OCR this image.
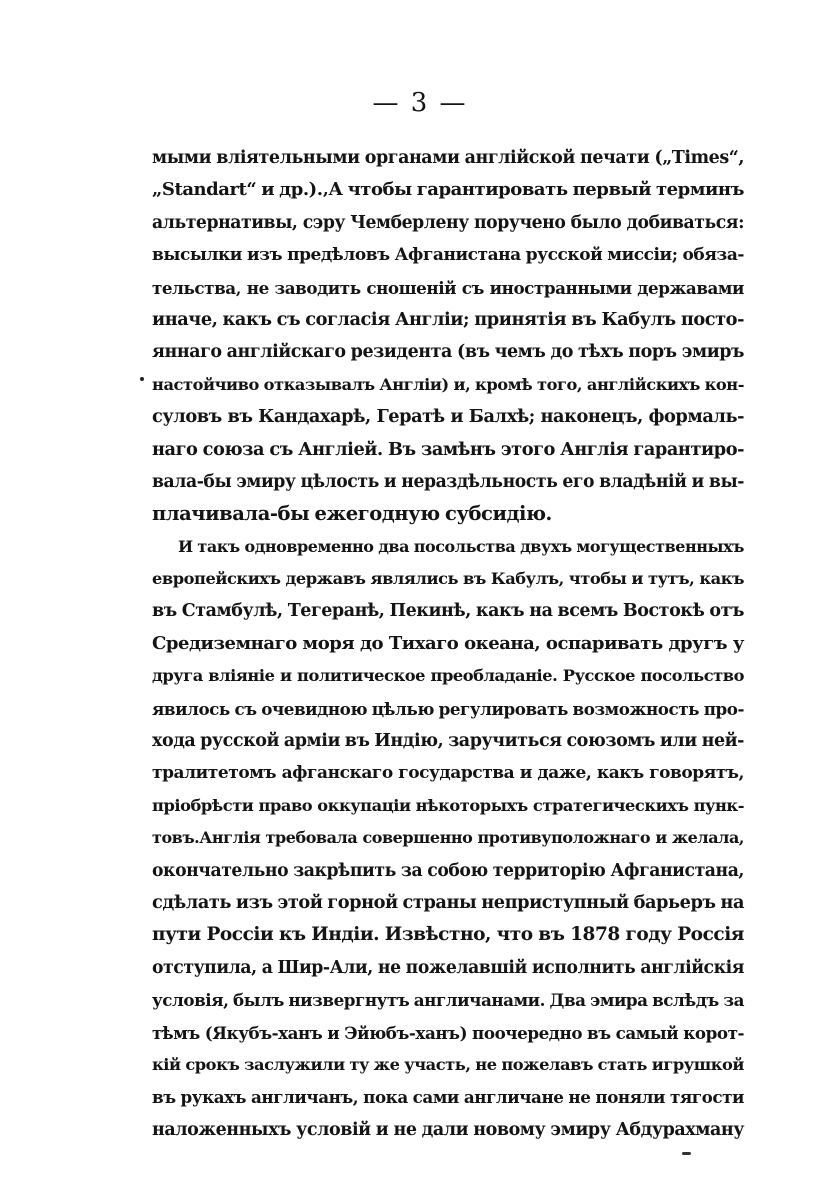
— 3 —
мыми вліятельными органами англійской печати („Times“,
„Standart“ и др.).‚А чтобы гарантировать первый терминъ
альтернативы, сэру Чемберлену поручено было добиваться:
высылки изъ предѣловъ Афганистана русской миссіи; обяза-
тельства‚ не заводить сношеній съ иностранными державами
иначе, какъ съ согласія Англіи; принятія въ Кабулъ посто-
яннаго англійскаго резидента (въ чемъ до тѣхъ поръ эмиръ
настойчиво отказывалъ Англіи) и, кромѣ того, англійскихъ кон-
суловъ въ Кандахарѣ, Гератѣ и Балхѣ; наконецъ, формаль-
наго союза съ Англіей. Въ замѣнъ этого Англія гарантиро-
вала-бы эмиру цѣлость и нераздѣльность его владѣній и вы-
плачивала-бы ежегодную субсидію.
И такъ одновременно два посольства двухъ могущественныхъ
европейскихъ державъ являлись въ Кабулъ, чтобы и тутъ, какъ
въ Стамбулѣ, Тегеранѣ, Пекинѣ, какъ на всемъ Востокѣ отъ
Средиземнаго моря до Тихаго океана, оспаривать другъ у
друга вліяніе и политическое преобладаніе. Русское посольство
явилось съ очевидною цѣлью регулировать возможность про-
хода русской арміи въ Индію, заручиться союзомъ или ней-
тралитетомъ афганскаго государства и даже, какъ говорятъ,
пріобрѣсти право оккупаціи нѣкоторыхъ стратегическихъ пунк-
товъ.Англія требовала совершенно противуположнаго и желала,
окончательно закрѣпить за собою территорію Афганистана,
сдѣлать изъ этой горной страны неприступный барьеръ на
пути Россіи къ Индіи. Извѣстно, что въ 1878 году Россія
отступила, а Шир-Али, не пожелавшій исполнить англійскія
условія, былъ низвергнутъ англичанами. Два эмира вслѣдъ за
тѣмъ (Якубъ-ханъ и Эйюбъ-ханъ) поочередно въ самый корот-
кій срокъ заслужили ту же участь, не пожелавъ стать игрушкой
въ рукахъ англичанъ, пока сами англичане не поняли тягости
наложенныхъ условій и не дали новому эмиру Абдурахману
